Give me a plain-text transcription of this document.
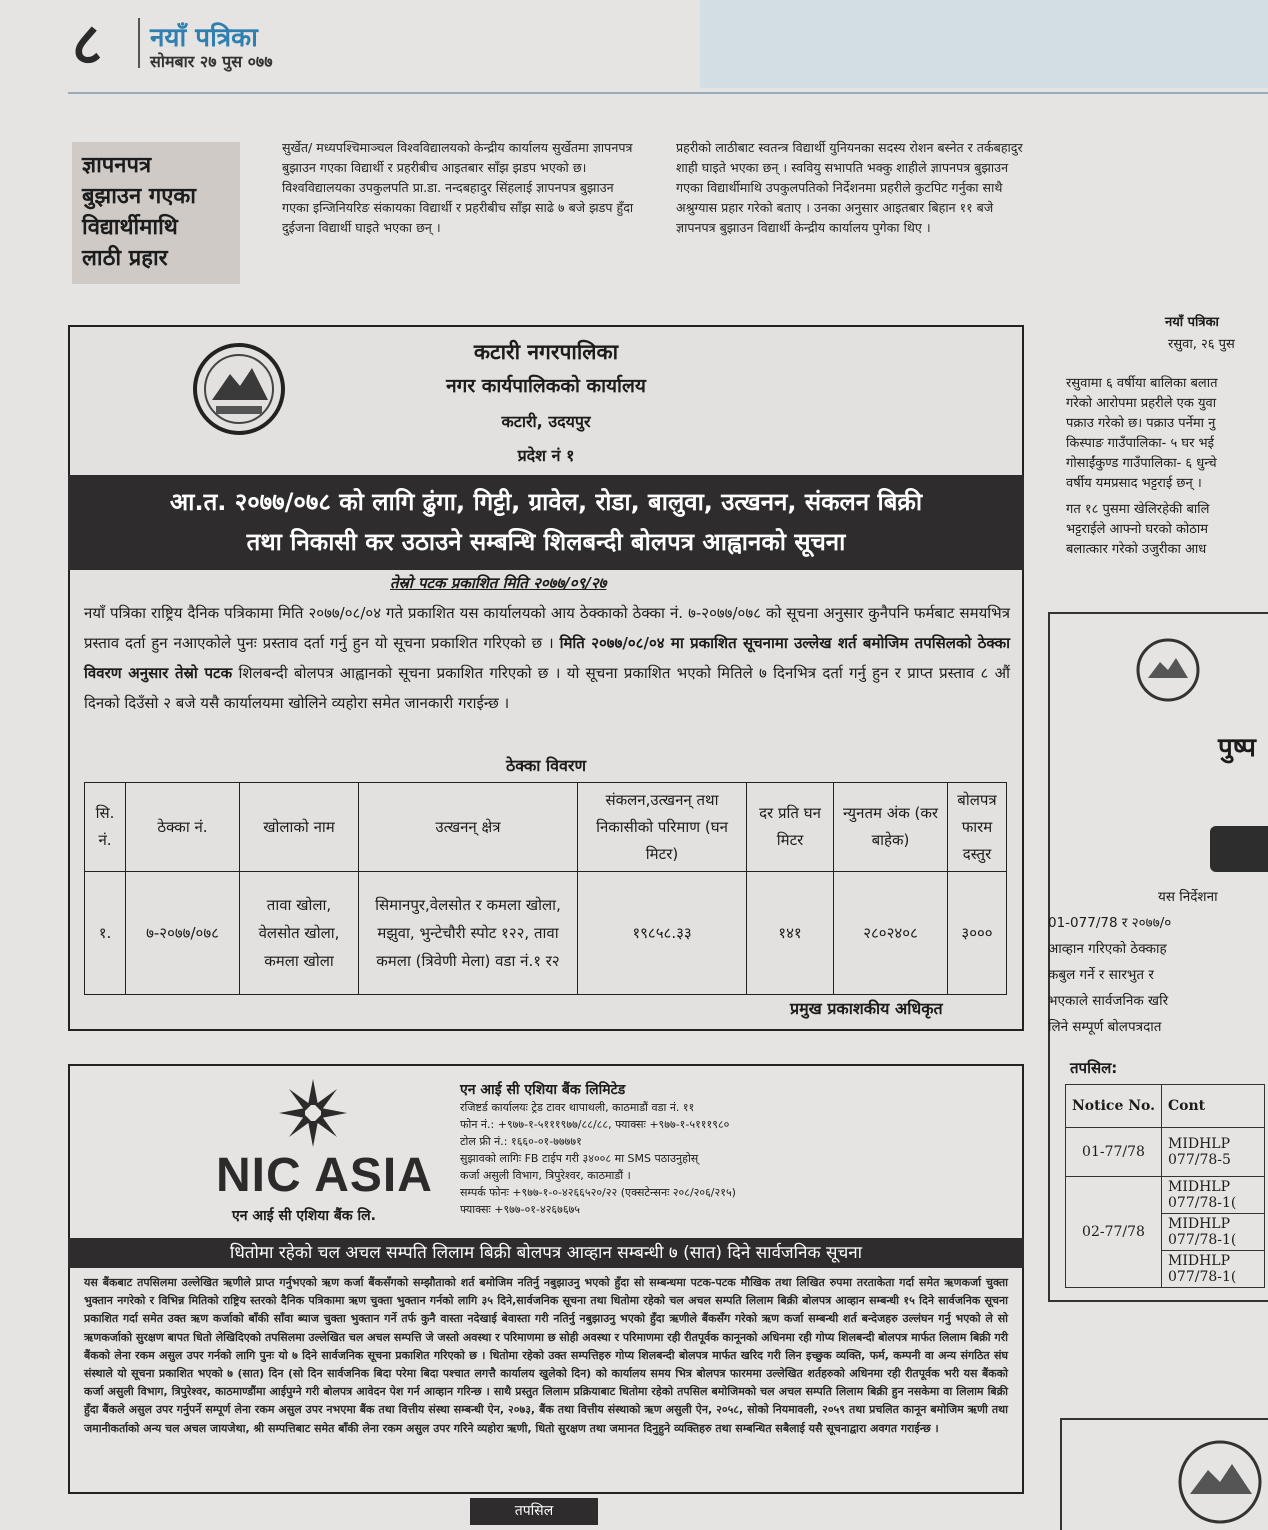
८ नयाँ पत्रिका
सोमबार २७ पुस ०७७
ज्ञापनपत्र
बुझाउन गएका
विद्यार्थीमाथि
लाठी प्रहार
सुर्खेत/ मध्यपश्चिमाञ्चल विश्वविद्यालयको केन्द्रीय कार्यालय सुर्खेतमा ज्ञापनपत्र बुझाउन गएका विद्यार्थी र प्रहरीबीच आइतबार साँझ झडप भएको छ। विश्वविद्यालयका उपकुलपति प्रा.डा. नन्दबहादुर सिंहलाई ज्ञापनपत्र बुझाउन गएका इन्जिनियरिङ संकायका विद्यार्थी र प्रहरीबीच साँझ साढे ७ बजे झडप हुँदा दुईजना विद्यार्थी घाइते भएका छन् ।
प्रहरीको लाठीबाट स्वतन्त्र विद्यार्थी युनियनका सदस्य रोशन बस्नेत र तर्कबहादुर शाही घाइते भएका छन् । स्ववियु सभापति भक्कु शाहीले ज्ञापनपत्र बुझाउन गएका विद्यार्थीमाथि उपकुलपतिको निर्देशनमा प्रहरीले कुटपिट गर्नुका साथै अश्रुग्यास प्रहार गरेको बताए । उनका अनुसार आइतबार बिहान ११ बजे ज्ञापनपत्र बुझाउन विद्यार्थी केन्द्रीय कार्यालय पुगेका थिए ।
नयाँ पत्रिका
रसुवा, २६ पुस
रसुवामा ६ वर्षीया बालिका बलात
गरेको आरोपमा प्रहरीले एक युवा
पक्राउ गरेको छ। पक्राउ पर्नेमा नु
किस्पाङ गाउँपालिका- ५ घर भई
गोसाईंकुण्ड गाउँपालिका- ६ धुन्चे
वर्षीय यमप्रसाद भट्टराई छन् ।
गत १८ पुसमा खेलिरहेकी बालि
भट्टराईले आफ्नो घरको कोठाम
बलात्कार गरेको उजुरीका आध
पुष्प
यस निर्देशना
01-077/78 र २०७७/०
आव्हान गरिएको ठेक्काह
कबुल गर्ने र सारभुत र
भएकाले सार्वजनिक खरि
लिने सम्पूर्ण बोलपत्रदात
तपसिल:
Notice No.	Cont
01-77/78	MIDHLP
077/78-5

02-77/78	MIDHLP
077/78-1(

	MIDHLP
077/78-1(

	MIDHLP
077/78-1(
कटारी नगरपालिका
नगर कार्यपालिकको कार्यालय
कटारी, उदयपुर
प्रदेश नं १
आ.त. २०७७/०७८ को लागि ढुंगा, गिट्टी, ग्रावेल, रोडा, बालुवा, उत्खनन, संकलन बिक्री
तथा निकासी कर उठाउने सम्बन्धि शिलबन्दी बोलपत्र आह्वानको सूचना
तेस्रो पटक प्रकाशित मिति २०७७/०९/२७
नयाँ पत्रिका राष्ट्रिय दैनिक पत्रिकामा मिति २०७७/०८/०४ गते प्रकाशित यस कार्यालयको आय ठेक्काको ठेक्का नं. ७-२०७७/०७८ को सूचना अनुसार कुनैपनि फर्मबाट समयभित्र प्रस्ताव दर्ता हुन नआएकोले पुनः प्रस्ताव दर्ता गर्नु हुन यो सूचना प्रकाशित गरिएको छ । मिति २०७७/०८/०४ मा प्रकाशित सूचनामा उल्लेख शर्त बमोजिम तपसिलको ठेक्का विवरण अनुसार तेस्रो पटक शिलबन्दी बोलपत्र आह्वानको सूचना प्रकाशित गरिएको छ । यो सूचना प्रकाशित भएको मितिले ७ दिनभित्र दर्ता गर्नु हुन र प्राप्त प्रस्ताव ८ औं दिनको दिउँसो २ बजे यसै कार्यालयमा खोलिने व्यहोरा समेत जानकारी गराईन्छ ।
ठेक्का विवरण
सि. नं.	ठेक्का नं.	खोलाको नाम	उत्खनन् क्षेत्र	संकलन,उत्खनन् तथा निकासीको परिमाण (घन मिटर)	दर प्रति घन मिटर	न्युनतम अंक (कर बाहेक)	बोलपत्र फारम दस्तुर
१.	७-२०७७/०७८	तावा खोला, वेलसोत खोला, कमला खोला	सिमानपुर,वेलसोत र कमला खोला, मझुवा, भुन्टेचौरी स्पोट १२२, तावा कमला (त्रिवेणी मेला) वडा नं.१ र२	१९८५८.३३	१४१	२८०२४०८	३०००
प्रमुख प्रकाशकीय अधिकृत
NIC ASIA
एन आई सी एशिया बैंक लि.
एन आई सी एशिया बैंक लिमिटेड
रजिष्टर्ड कार्यालयः ट्रेड टावर थापाथली, काठमाडौं वडा नं. ११
फोन नं.: +९७७-१-५१११९७७/८८/८८, फ्याक्सः +९७७-१-५१११९८०
टोल फ्री नं.: १६६०-०१-७७७७१
सुझावको लागिः FB टाईप गरी ३४००८ मा SMS पठाउनुहोस्
कर्जा असुली विभाग, त्रिपुरेश्वर, काठमाडौं ।
सम्पर्क फोनः +९७७-१-०-४२६६५२०/२२ (एक्सटेन्सनः २०८/२०६/२१५)
फ्याक्सः +९७७-०१-४२६७६७५
धितोमा रहेको चल अचल सम्पति लिलाम बिक्री बोलपत्र आव्हान सम्बन्धी ७ (सात) दिने सार्वजनिक सूचना
यस बैंकबाट तपसिलमा उल्लेखित ऋणीले प्राप्त गर्नुभएको ऋण कर्जा बैंकसँगको सम्झौताको शर्त बमोजिम नतिर्नु नबुझाउनु भएको हुँदा सो सम्बन्धमा पटक-पटक मौखिक तथा लिखित रुपमा तरताकेता गर्दा समेत ऋणकर्जा चुक्ता भुक्तान नगरेको र विभिन्न मितिको राष्ट्रिय स्तरको दैनिक पत्रिकामा ऋण चुक्ता भुक्तान गर्नको लागि ३५ दिने,सार्वजनिक सूचना तथा धितोमा रहेको चल अचल सम्पति लिलाम बिक्री बोलपत्र आव्हान सम्बन्धी १५ दिने सार्वजनिक सूचना प्रकाशित गर्दा समेत उक्त ऋण कर्जाको बाँकी साँवा ब्याज चुक्ता भुक्तान गर्ने तर्फ कुनै वास्ता नदेखाई बेवास्ता गरी नतिर्नु नबुझाउनु भएको हुँदा ऋणीले बैंकसँग गरेको ऋण कर्जा सम्बन्धी शर्त बन्देजहरु उल्लंघन गर्नु भएको ले सो ऋणकर्जाको सुरक्षण बापत धितो लेखिदिएको तपसिलमा उल्लेखित चल अचल सम्पत्ति जे जस्तो अवस्था र परिमाणमा छ सोही अवस्था र परिमाणमा रही रीतपूर्वक कानूनको अधिनमा रही गोप्य शिलबन्दी बोलपत्र मार्फत लिलाम बिक्री गरी बैंकको लेना रकम असुल उपर गर्नको लागि पुनः यो ७ दिने सार्वजनिक सूचना प्रकाशित गरिएको छ । धितोमा रहेको उक्त सम्पत्तिहरु गोप्य शिलबन्दी बोलपत्र मार्फत खरिद गरी लिन इच्छुक व्यक्ति, फर्म, कम्पनी वा अन्य संगठित संघ संस्थाले यो सूचना प्रकाशित भएको ७ (सात) दिन (सो दिन सार्वजनिक बिदा परेमा बिदा पश्चात लगत्तै कार्यालय खुलेको दिन) को कार्यालय समय भित्र बोलपत्र फारममा उल्लेखित शर्तहरुको अधिनमा रही रीतपूर्वक भरी यस बैंकको कर्जा असुली विभाग, त्रिपुरेश्वर, काठमाण्डौंमा आईपुग्ने गरी बोलपत्र आवेदन पेश गर्न आव्हान गरिन्छ । साथै प्रस्तुत लिलाम प्रक्रियाबाट धितोमा रहेको तपसिल बमोजिमको चल अचल सम्पति लिलाम बिक्री हुन नसकेमा वा लिलाम बिक्री हुँदा बैंकले असुल उपर गर्नुपर्ने सम्पूर्ण लेना रकम असुल उपर नभएमा बैंक तथा वित्तीय संस्था सम्बन्धी ऐन, २०७३, बैंक तथा वित्तीय संस्थाको ऋण असुली ऐन, २०५८, सोको नियमावली, २०५९ तथा प्रचलित कानून बमोजिम ऋणी तथा जमानीकर्ताको अन्य चल अचल जायजेथा, श्री सम्पत्तिबाट समेत बाँकी लेना रकम असुल उपर गरिने व्यहोरा ऋणी, धितो सुरक्षण तथा जमानत दिनुहुने व्यक्तिहरु तथा सम्बन्धित सबैलाई यसै सूचनाद्वारा अवगत गराईन्छ ।
तपसिल
